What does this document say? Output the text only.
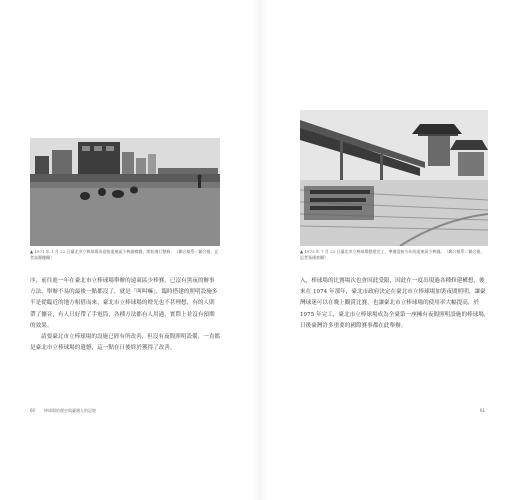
▲ 1971 年 1 月 22 日臺北市立棒球場為迎接遠東區少棒錦標賽，開始進行整修。（聯合報系／聯合報，記者高鳳樓攝）

序，前往進一年在臺北市立棒球場舉辦的遠東區少棒賽，已沒有黑夜的辦事方法，舉辦不易的最後一點都沒了，就是「叫叫嘛」，臨時搭建的照明設施多半是從臨近的地方租借而來，臺北市立棒球場的燈光也不甚理想，有的人則帶了擴音，有人只好帶了手電筒，各種方法都有人用過，實際上並沒有預期的效果。

請要臺北市立棒球場的設施已經有所改善，但沒有夜間照明設備，一直都是臺北市立棒球場的遺憾，這一點在日後終於獲得了改善。

60 棒球場的歷史與臺灣人的記憶
▲ 1973 年 7 月 23 日臺北市立棒球場整建完工，準備迎接今年的遠東區少棒賽。（聯合報系／聯合報，記者張國豪攝）

入，棒球場的比賽場次也會因此受限，因此在一度出現過各種修建構想，後來在 1974 年那年，臺北市政府決定在臺北市立棒球場加裝夜間照明，讓臺灣球迷可以在晚上觀賞比賽，也讓臺北市立棒球場的使用率大幅提高，於 1975 年完工，臺北市立棒球場成為全臺第一座擁有夜間照明設施的棒球場，日後臺灣許多重要的國際賽事都在此舉辦。

61
